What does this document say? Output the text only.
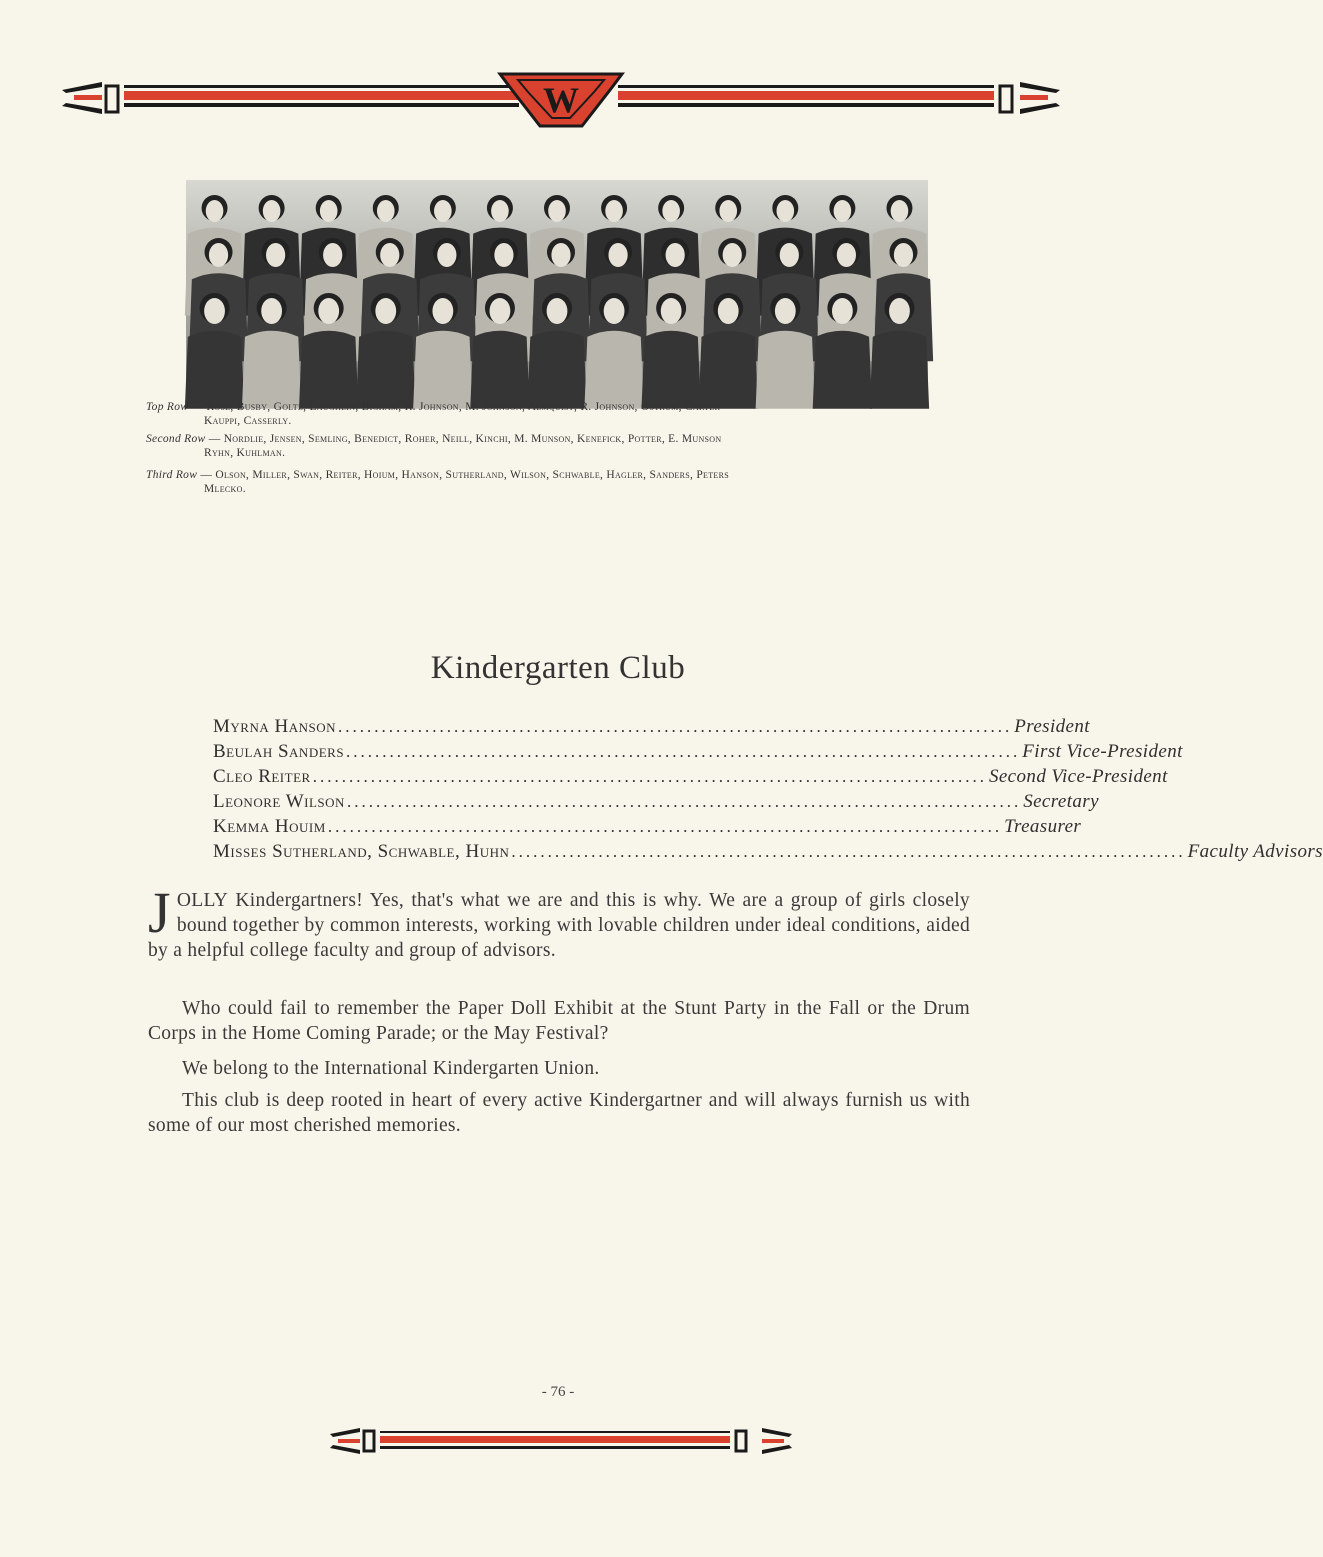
W
Top Row — Rose, Busby, Goltz, Laughlin, Bigham, R. Johnson, M. Johnson, Almquist, R. Johnson, Ostrum, Carter
Kauppi, Casserly.
Second Row — Nordlie, Jensen, Semling, Benedict, Roher, Neill, Kinchi, M. Munson, Kenefick, Potter, E. Munson
Ryhn, Kuhlman.
Third Row — Olson, Miller, Swan, Reiter, Hoium, Hanson, Sutherland, Wilson, Schwable, Hagler, Sanders, Peters
Mlecko.
Kindergarten Club
Myrna Hanson ............................................................................................. President
Beulah Sanders ............................................................................................. First Vice-President
Cleo Reiter ............................................................................................. Second Vice-President
Leonore Wilson ............................................................................................. Secretary
Kemma Houim ............................................................................................. Treasurer
Misses Sutherland, Schwable, Huhn ............................................................................................. Faculty Advisors
JOLLY Kindergartners! Yes, that's what we are and this is why. We are a group of girls closely bound together by common interests, working with lovable children under ideal conditions, aided by a helpful college faculty and group of advisors.
Who could fail to remember the Paper Doll Exhibit at the Stunt Party in the Fall or the Drum Corps in the Home Coming Parade; or the May Festival?
We belong to the International Kindergarten Union.
This club is deep rooted in heart of every active Kindergartner and will always furnish us with some of our most cherished memories.
- 76 -
